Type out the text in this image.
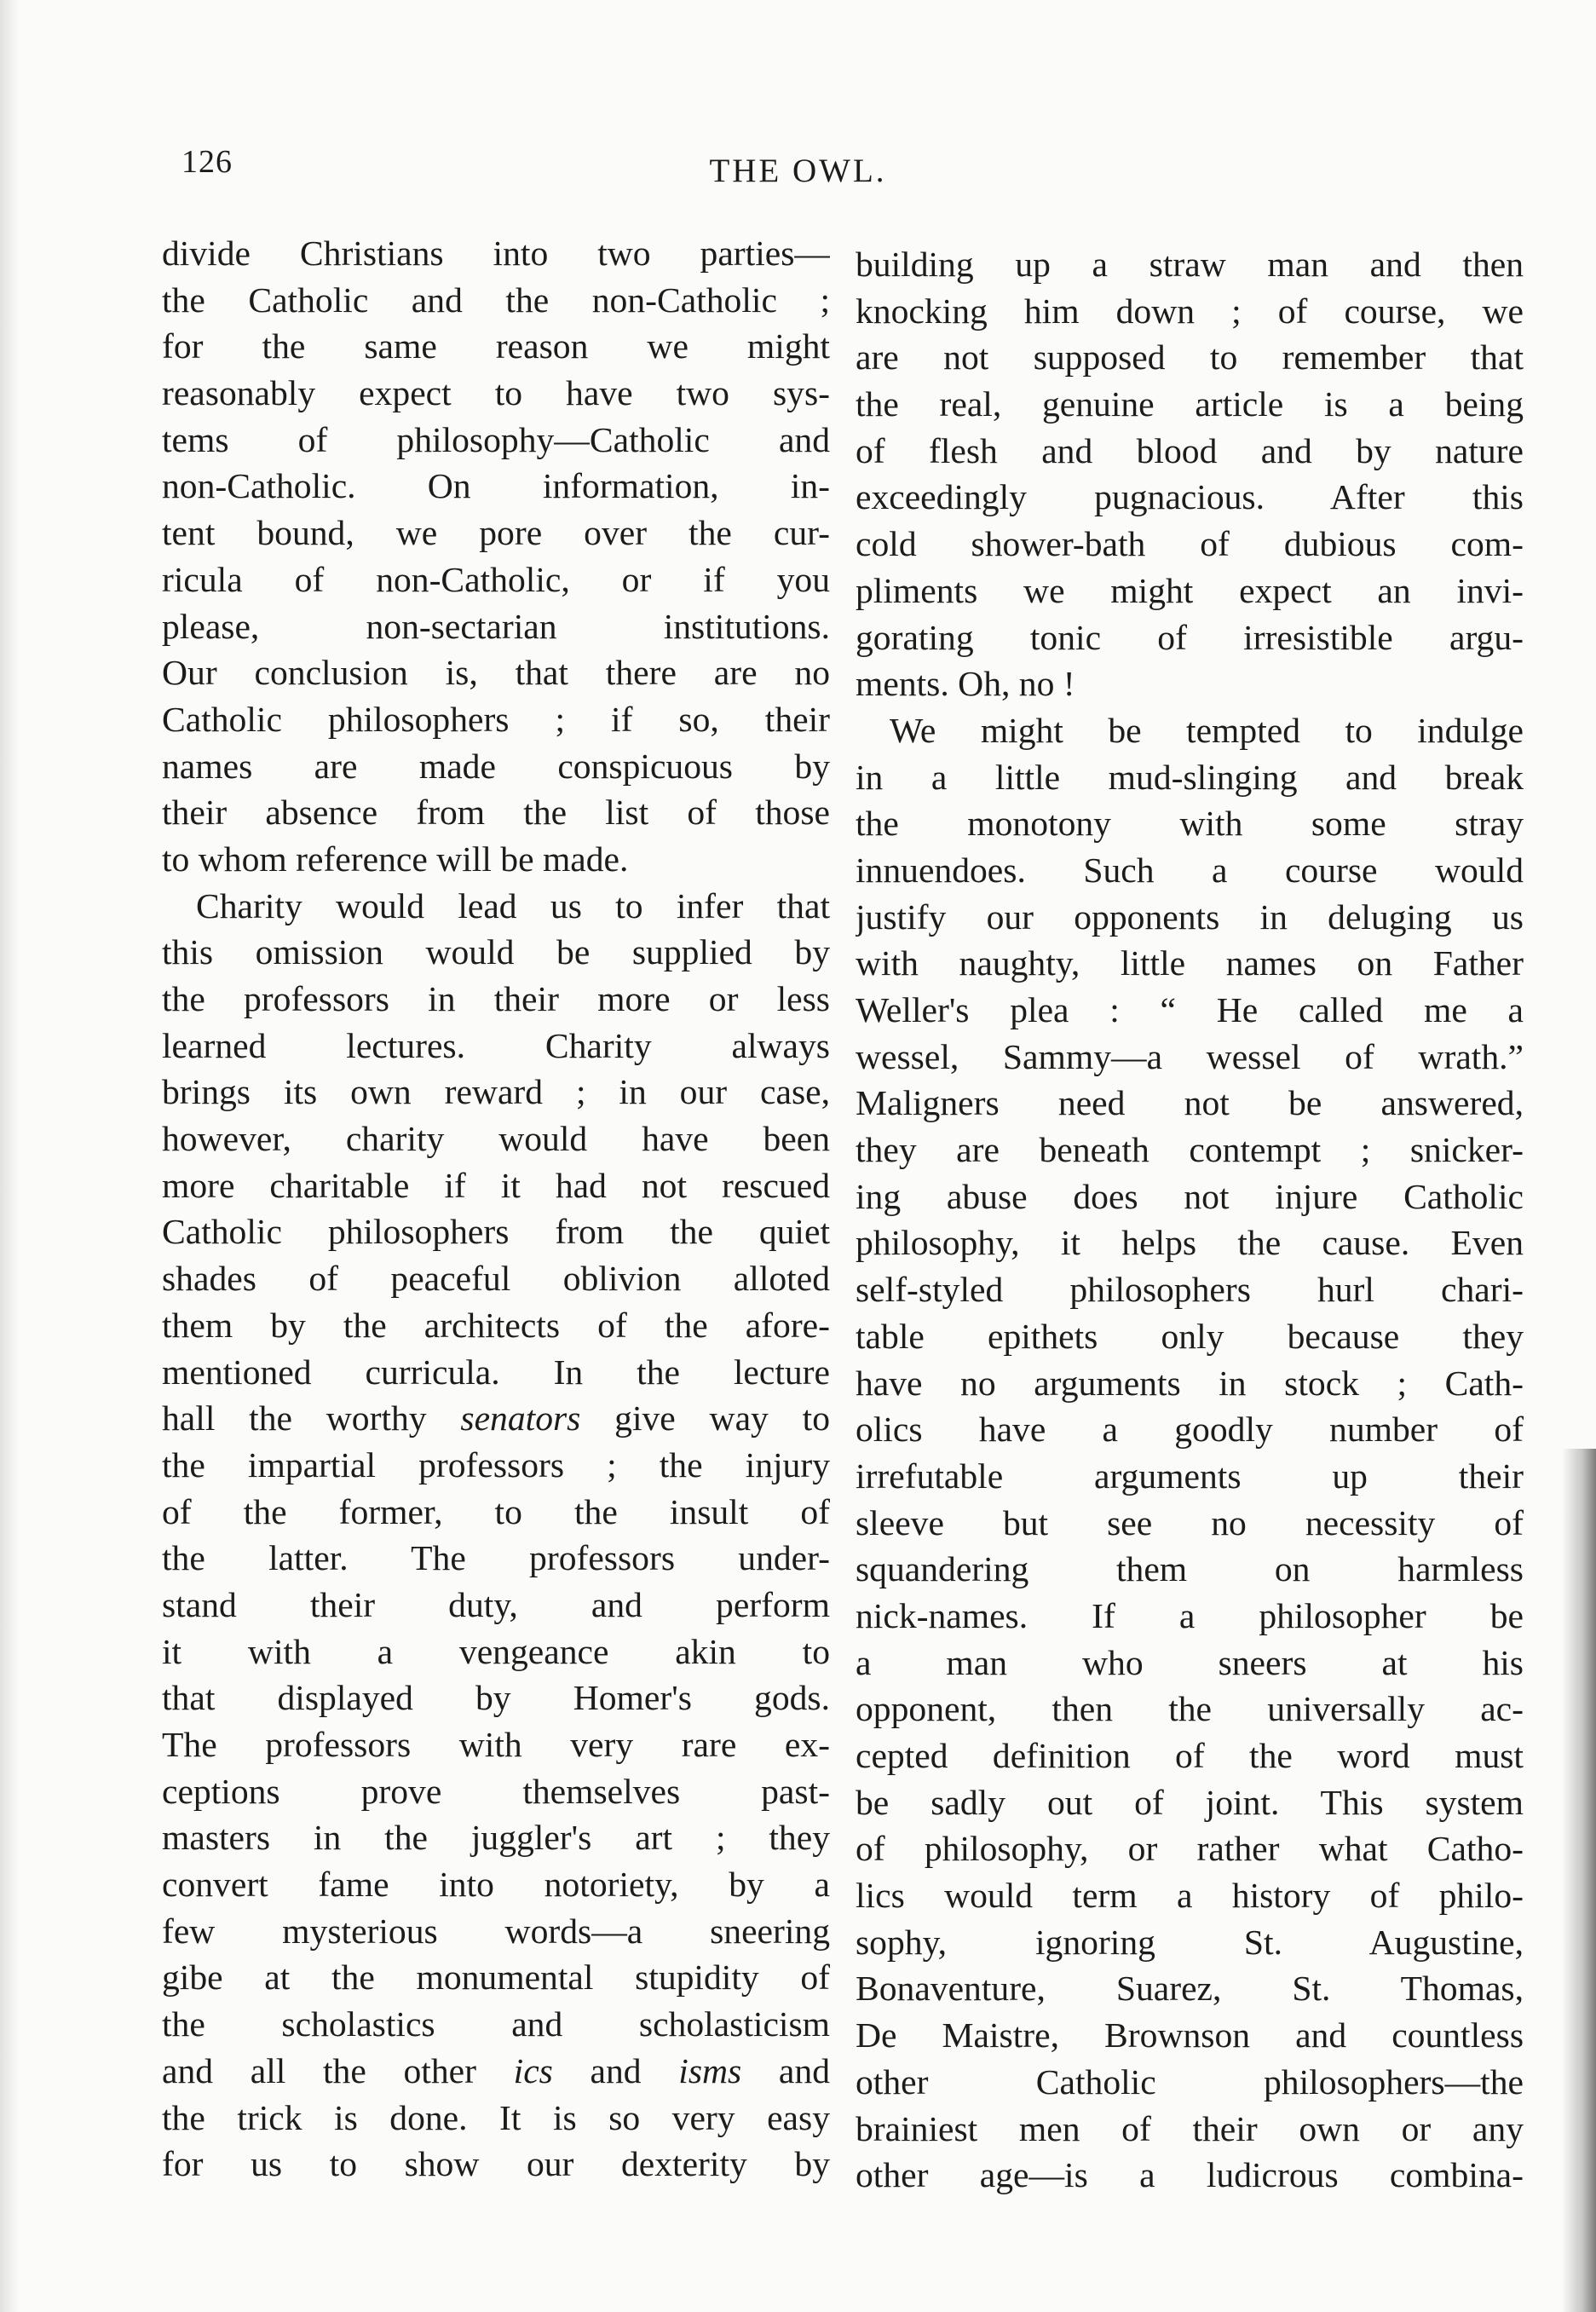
126	THE OWL.
divide Christians into two parties—
the Catholic and the non-Catholic ;
for the same reason we might
reasonably expect to have two sys-
tems of philosophy—Catholic and
non-Catholic. On information, in-
tent bound, we pore over the cur-
ricula of non-Catholic, or if you
please, non-sectarian institutions.
Our conclusion is, that there are no
Catholic philosophers ; if so, their
names are made conspicuous by
their absence from the list of those
to whom reference will be made.
Charity would lead us to infer that
this omission would be supplied by
the professors in their more or less
learned lectures. Charity always
brings its own reward ; in our case,
however, charity would have been
more charitable if it had not rescued
Catholic philosophers from the quiet
shades of peaceful oblivion alloted
them by the architects of the afore-
mentioned curricula. In the lecture
hall the worthy senators give way to
the impartial professors ; the injury
of the former, to the insult of
the latter. The professors under-
stand their duty, and perform
it with a vengeance akin to
that displayed by Homer's gods.
The professors with very rare ex-
ceptions prove themselves past-
masters in the juggler's art ; they
convert fame into notoriety, by a
few mysterious words—a sneering
gibe at the monumental stupidity of
the scholastics and scholasticism
and all the other ics and isms and
the trick is done. It is so very easy
for us to show our dexterity by
building up a straw man and then
knocking him down ; of course, we
are not supposed to remember that
the real, genuine article is a being
of flesh and blood and by nature
exceedingly pugnacious. After this
cold shower-bath of dubious com-
pliments we might expect an invi-
gorating tonic of irresistible argu-
ments. Oh, no !
We might be tempted to indulge
in a little mud-slinging and break
the monotony with some stray
innuendoes. Such a course would
justify our opponents in deluging us
with naughty, little names on Father
Weller's plea : “ He called me a
wessel, Sammy—a wessel of wrath.”
Maligners need not be answered,
they are beneath contempt ; snicker-
ing abuse does not injure Catholic
philosophy, it helps the cause. Even
self-styled philosophers hurl chari-
table epithets only because they
have no arguments in stock ; Cath-
olics have a goodly number of
irrefutable arguments up their
sleeve but see no necessity of
squandering them on harmless
nick-names. If a philosopher be
a man who sneers at his
opponent, then the universally ac-
cepted definition of the word must
be sadly out of joint. This system
of philosophy, or rather what Catho-
lics would term a history of philo-
sophy, ignoring St. Augustine,
Bonaventure, Suarez, St. Thomas,
De Maistre, Brownson and countless
other Catholic philosophers—the
brainiest men of their own or any
other age—is a ludicrous combina-
